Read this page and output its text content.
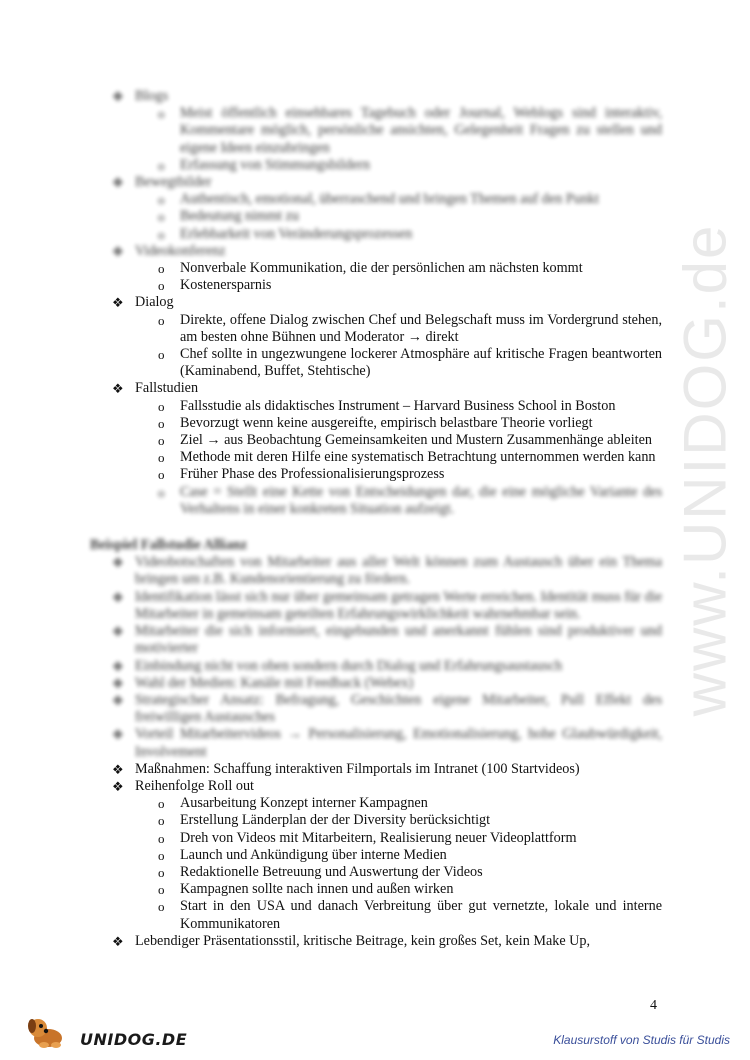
www.UNIDOG.de
❖ Blogs
o Meist öffentlich einsehbares Tagebuch oder Journal, Weblogs sind interaktiv, Kommentare möglich, persönliche ansichten, Gelegenheit Fragen zu stellen und eigene Ideen einzubringen
o Erfassung von Stimmungsbildern
❖ Bewegtbilder
o Authentisch, emotional, überraschend und bringen Themen auf den Punkt
o Bedeutung nimmt zu
o Erlebbarkeit von Veränderungsprozessen
❖ Videokonferenz
o Nonverbale Kommunikation, die der persönlichen am nächsten kommt
o Kostenersparnis
❖ Dialog
o Direkte, offene Dialog zwischen Chef und Belegschaft muss im Vordergrund stehen, am besten ohne Bühnen und Moderator → direkt
o Chef sollte in ungezwungene lockerer Atmosphäre auf kritische Fragen beantworten (Kaminabend, Buffet, Stehtische)
❖ Fallstudien
o Fallsstudie als didaktisches Instrument – Harvard Business School in Boston
o Bevorzugt wenn keine ausgereifte, empirisch belastbare Theorie vorliegt
o Ziel → aus Beobachtung Gemeinsamkeiten und Mustern Zusammenhänge ableiten
o Methode mit deren Hilfe eine systematisch Betrachtung unternommen werden kann
o Früher Phase des Professionalisierungsprozess
o Case = Stellt eine Kette von Entscheidungen dar, die eine mögliche Variante des Verhaltens in einer konkreten Situation aufzeigt.
Beispiel Fallstudie Allianz
❖ Videobotschaften von Mitarbeiter aus aller Welt können zum Austausch über ein Thema bringen um z.B. Kundenorientierung zu fördern.
❖ Identifikation lässt sich nur über gemeinsam getragen Werte erreichen. Identität muss für die Mitarbeiter in gemeinsam geteilten Erfahrungswirklichkeit wahrnehmbar sein.
❖ Mitarbeiter die sich informiert, eingebunden und anerkannt fühlen sind produktiver und motivierter
❖ Einbindung nicht von oben sondern durch Dialog und Erfahrungsaustausch
❖ Wahl der Medien: Kanäle mit Feedback (Webex)
❖ Strategischer Ansatz: Befragung, Geschichten eigene Mitarbeiter, Pull Effekt des freiwilligen Austausches
❖ Vorteil Mitarbeitervideos → Personalisierung, Emotionalisierung, hohe Glaubwürdigkeit, Involvement
❖ Maßnahmen: Schaffung interaktiven Filmportals im Intranet (100 Startvideos)
❖ Reihenfolge Roll out
o Ausarbeitung Konzept interner Kampagnen
o Erstellung Länderplan der der Diversity berücksichtigt
o Dreh von Videos mit Mitarbeitern, Realisierung neuer Videoplattform
o Launch und Ankündigung über interne Medien
o Redaktionelle Betreuung und Auswertung der Videos
o Kampagnen sollte nach innen und außen wirken
o Start in den USA und danach Verbreitung über gut vernetzte, lokale und interne Kommunikatoren
❖ Lebendiger Präsentationsstil, kritische Beitrage, kein großes Set, kein Make Up,
4
UNIDOG.DE	Klausurstoff von Studis für Studis
